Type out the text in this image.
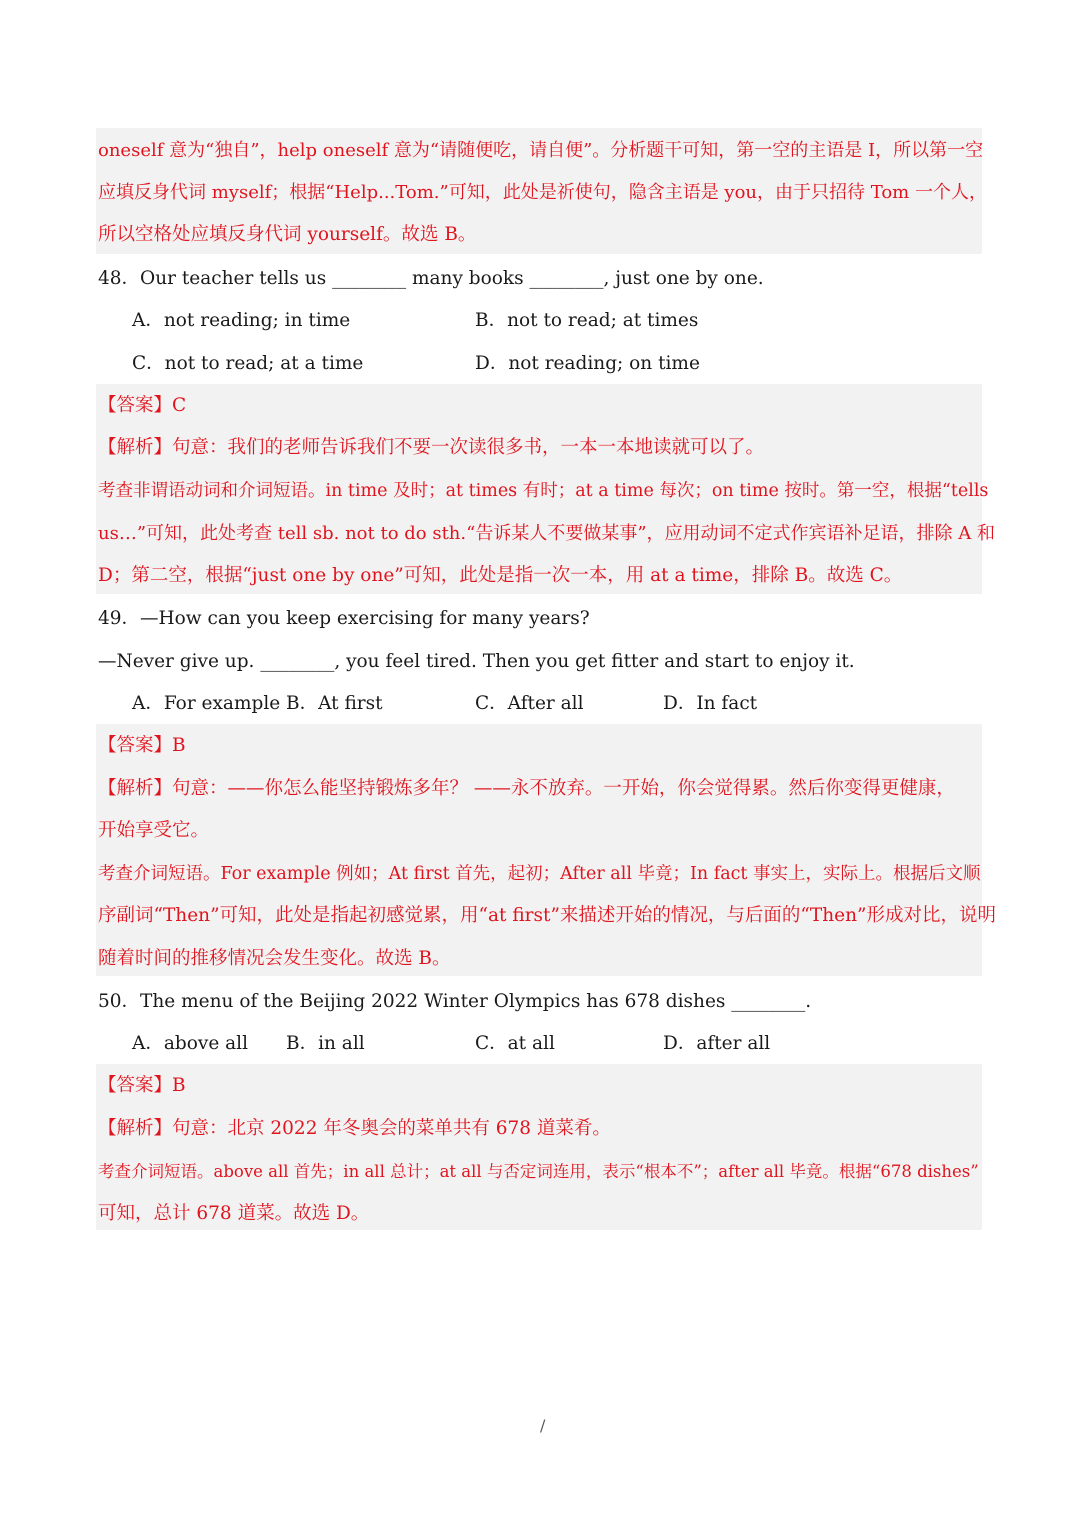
oneself 意为“独自”，help oneself 意为“请随便吃，请自便”。分析题干可知，第一空的主语是 I，所以第一空
应填反身代词 myself；根据“Help...Tom.”可知，此处是祈使句，隐含主语是 you，由于只招待 Tom 一个人，
所以空格处应填反身代词 yourself。故选 B。
48．Our teacher tells us ________ many books ________, just one by one.
A．not reading; in time	B．not to read; at times
C．not to read; at a time	D．not reading; on time
【答案】C
【解析】句意：我们的老师告诉我们不要一次读很多书，一本一本地读就可以了。
考查非谓语动词和介词短语。in time 及时；at times 有时；at a time 每次；on time 按时。第一空，根据“tells
us…”可知，此处考查 tell sb. not to do sth.“告诉某人不要做某事”，应用动词不定式作宾语补足语，排除 A 和
D；第二空，根据“just one by one”可知，此处是指一次一本，用 at a time，排除 B。故选 C。
49．—How can you keep exercising for many years?
—Never give up. ________, you feel tired. Then you get fitter and start to enjoy it.
A．For example B．At first	C．After all	D．In fact
【答案】B
【解析】句意：——你怎么能坚持锻炼多年？ ——永不放弃。一开始，你会觉得累。然后你变得更健康，
开始享受它。
考查介词短语。For example 例如；At first 首先，起初；After all 毕竟；In fact 事实上，实际上。根据后文顺
序副词“Then”可知，此处是指起初感觉累，用“at first”来描述开始的情况，与后面的“Then”形成对比，说明
随着时间的推移情况会发生变化。故选 B。
50．The menu of the Beijing 2022 Winter Olympics has 678 dishes ________.
A．above all B．in all	C．at all	D．after all
【答案】B
【解析】句意：北京 2022 年冬奥会的菜单共有 678 道菜肴。
考查介词短语。above all 首先；in all 总计；at all 与否定词连用，表示“根本不”；after all 毕竟。根据“678 dishes”
可知，总计 678 道菜。故选 D。
/
